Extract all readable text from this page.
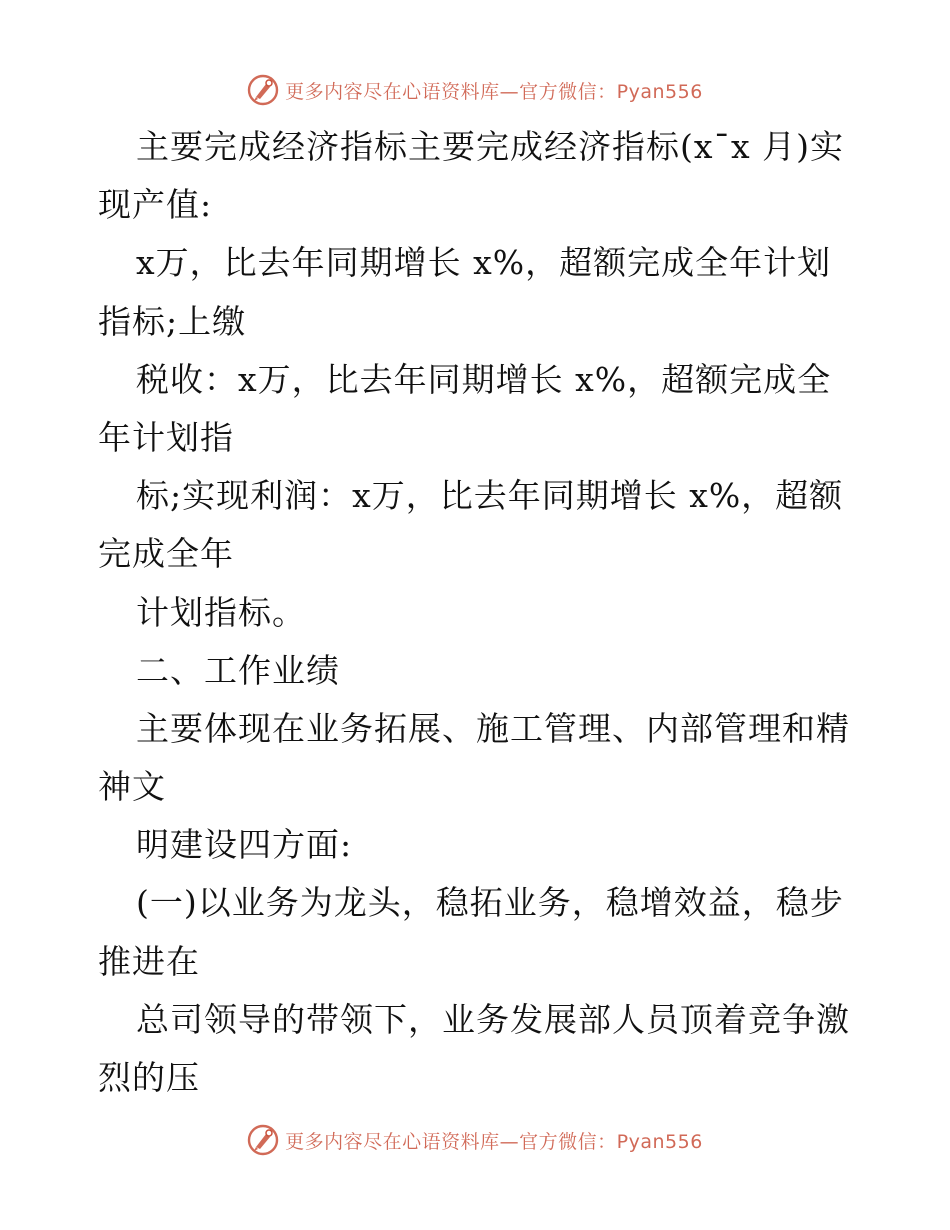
更多内容尽在心语资料库—官方微信：Pyan556
主要完成经济指标主要完成经济指标(x¯x 月)实
现产值:
x万，比去年同期增长 x%，超额完成全年计划
指标;上缴
税收：x万，比去年同期增长 x%，超额完成全
年计划指
标;实现利润：x万，比去年同期增长 x%，超额
完成全年
计划指标。
二、工作业绩
主要体现在业务拓展、施工管理、内部管理和精
神文
明建设四方面:
(一)以业务为龙头，稳拓业务，稳增效益，稳步
推进在
总司领导的带领下，业务发展部人员顶着竞争激
烈的压
更多内容尽在心语资料库—官方微信：Pyan556
